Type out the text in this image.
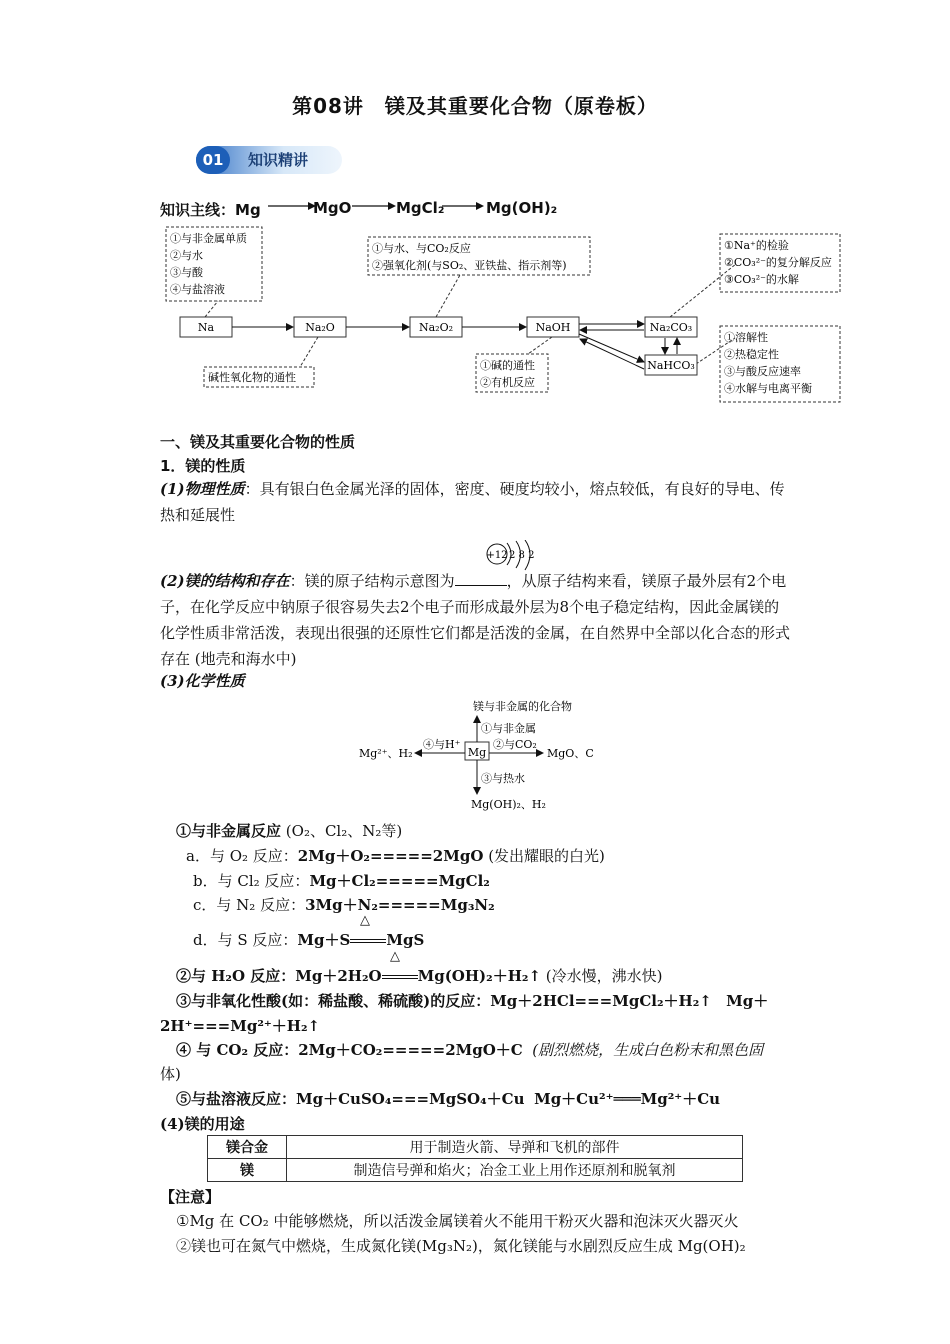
第08讲　镁及其重要化合物（原卷板）
01	知识精讲
知识主线：Mg	MgO	MgCl₂	Mg(OH)₂
①与非金属单质
②与水
③与酸
④与盐溶液
①与水、与CO₂反应
②强氧化剂(与SO₂、亚铁盐、指示剂等)
①Na⁺的检验
②CO₃²⁻的复分解反应
③CO₃²⁻的水解
碱性氧化物的通性
①碱的通性
②有机反应
①溶解性
②热稳定性
③与酸反应速率
④水解与电离平衡
Na	Na₂O	Na₂O₂	NaOH	Na₂CO₃
NaHCO₃
一、镁及其重要化合物的性质
1．镁的性质
(1)物理性质：具有银白色金属光泽的固体，密度、硬度均较小，熔点较低，有良好的导电、传热和延展性
+12 2 8 2
(2)镁的结构和存在：镁的原子结构示意图为	，从原子结构来看，镁原子最外层有2个电子，在化学反应中钠原子很容易失去2个电子而形成最外层为8个电子稳定结构，因此金属镁的化学性质非常活泼，表现出很强的还原性它们都是活泼的金属，在自然界中全部以化合态的形式存在 (地壳和海水中)
(3)化学性质
镁与非金属的化合物
Mg
①与非金属
②与CO₂
MgO、C
③与热水
Mg(OH)₂、H₂
④与H⁺
Mg²⁺、H₂
①与非金属反应 (O₂、Cl₂、N₂等)
a．与 O₂ 反应：2Mg＋O₂=====2MgO (发出耀眼的白光)
b．与 Cl₂ 反应：Mg＋Cl₂=====MgCl₂
c．与 N₂ 反应：3Mg＋N₂=====Mg₃N₂
△
d．与 S 反应：Mg＋S MgS
△
②与 H₂O 反应：Mg＋2H₂O Mg(OH)₂＋H₂↑ (冷水慢，沸水快)
③与非氧化性酸(如：稀盐酸、稀硫酸)的反应：Mg＋2HCl===MgCl₂＋H₂↑ Mg＋
2H⁺===Mg²⁺＋H₂↑
④ 与 CO₂ 反应：2Mg＋CO₂=====2MgO＋C (剧烈燃烧，生成白色粉末和黑色固
体)
⑤与盐溶液反应：Mg＋CuSO₄===MgSO₄＋Cu Mg＋Cu²⁺═══Mg²⁺＋Cu
(4)镁的用途
镁合金	用于制造火箭、导弹和飞机的部件
镁	制造信号弹和焰火；冶金工业上用作还原剂和脱氧剂
【注意】
①Mg 在 CO₂ 中能够燃烧，所以活泼金属镁着火不能用干粉灭火器和泡沫灭火器灭火
②镁也可在氮气中燃烧，生成氮化镁(Mg₃N₂)，氮化镁能与水剧烈反应生成 Mg(OH)₂
